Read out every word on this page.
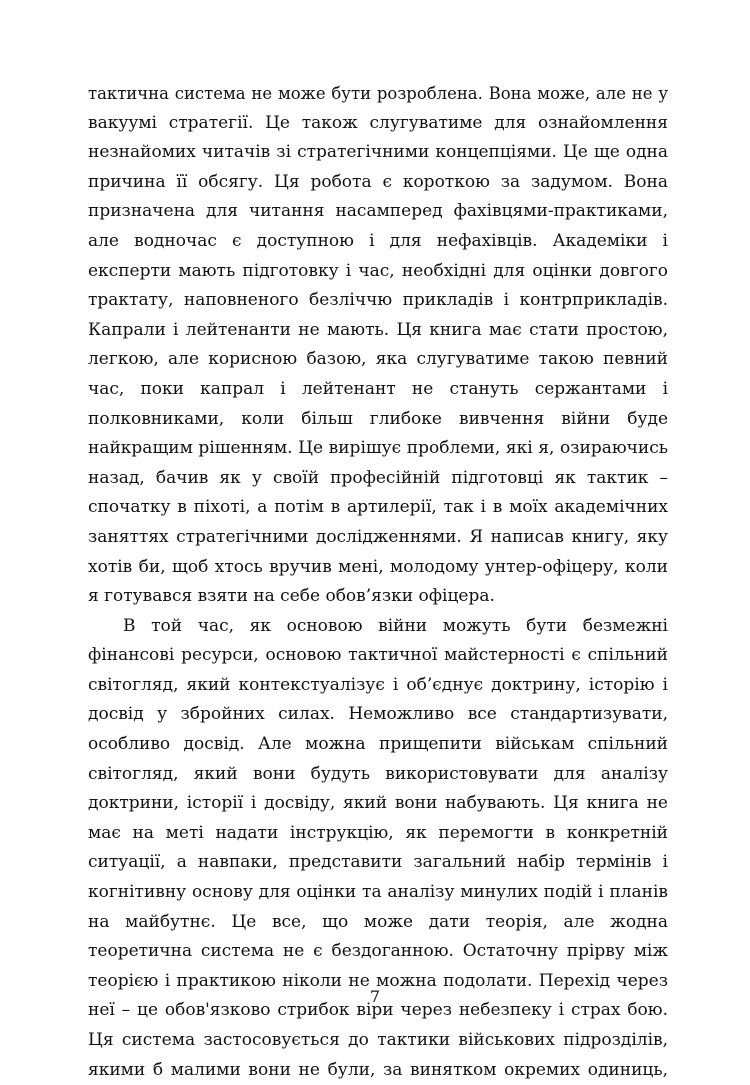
тактична система не може бути розроблена. Вона може, але не у
вакуумі стратегії. Це також слугуватиме для ознайомлення
незнайомих читачів зі стратегічними концепціями. Це ще одна
причина її обсягу. Ця робота є короткою за задумом. Вона
призначена для читання насамперед фахівцями-практиками,
але водночас є доступною і для нефахівців. Академіки і
експерти мають підготовку і час, необхідні для оцінки довгого
трактату, наповненого безліччю прикладів і контрприкладів.
Капрали і лейтенанти не мають. Ця книга має стати простою,
легкою, але корисною базою, яка слугуватиме такою певний
час, поки капрал і лейтенант не стануть сержантами і
полковниками, коли більш глибоке вивчення війни буде
найкращим рішенням. Це вирішує проблеми, які я, озираючись
назад, бачив як у своїй професійній підготовці як тактик –
спочатку в піхоті, а потім в артилерії, так і в моїх академічних
заняттях стратегічними дослідженнями. Я написав книгу, яку
хотів би, щоб хтось вручив мені, молодому унтер-офіцеру, коли
я готувався взяти на себе обов’язки офіцера.
В той час, як основою війни можуть бути безмежні
фінансові ресурси, основою тактичної майстерності є спільний
світогляд, який контекстуалізує і об’єднує доктрину, історію і
досвід у збройних силах. Неможливо все стандартизувати,
особливо досвід. Але можна прищепити військам спільний
світогляд, який вони будуть використовувати для аналізу
доктрини, історії і досвіду, який вони набувають. Ця книга не
має на меті надати інструкцію, як перемогти в конкретній
ситуації, а навпаки, представити загальний набір термінів і
когнітивну основу для оцінки та аналізу минулих подій і планів
на майбутнє. Це все, що може дати теорія, але жодна
теоретична система не є бездоганною. Остаточну прірву між
теорією і практикою ніколи не можна подолати. Перехід через
неї – це обов'язково стрибок віри через небезпеку і страх бою.
Ця система застосовується до тактики військових підрозділів,
якими б малими вони не були, за винятком окремих одиниць,
7
